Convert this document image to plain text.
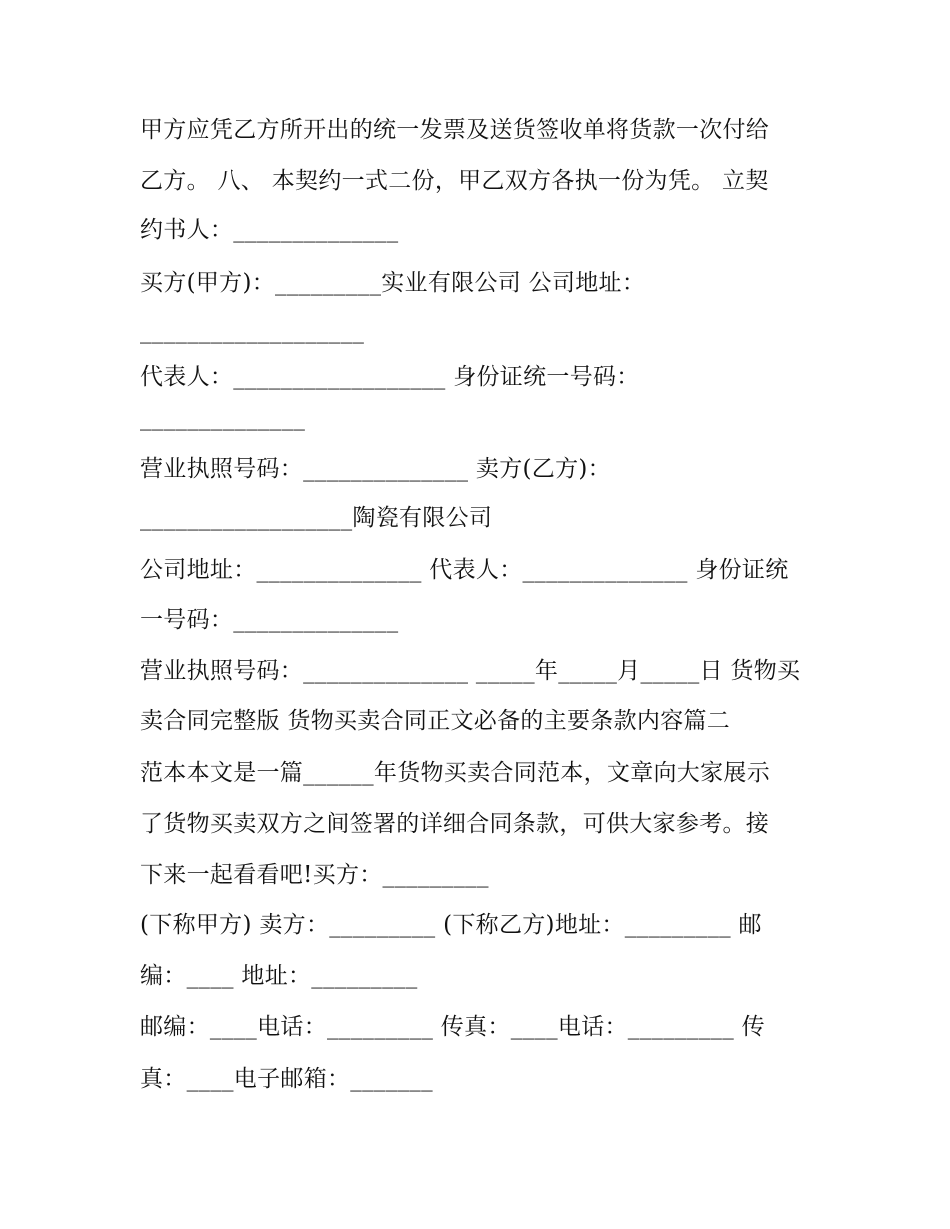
甲方应凭乙方所开出的统一发票及送货签收单将货款一次付给
乙方。 八、 本契约一式二份，甲乙双方各执一份为凭。 立契
约书人：______________
买方(甲方)：_________实业有限公司 公司地址：
___________________
代表人：__________________ 身份证统一号码：
______________
营业执照号码：______________ 卖方(乙方)：
__________________陶瓷有限公司
公司地址：______________ 代表人：______________ 身份证统
一号码：______________
营业执照号码：______________ _____年_____月_____日 货物买
卖合同完整版 货物买卖合同正文必备的主要条款内容篇二
范本本文是一篇______年货物买卖合同范本，文章向大家展示
了货物买卖双方之间签署的详细合同条款，可供大家参考。接
下来一起看看吧!买方：_________
(下称甲方) 卖方：_________ (下称乙方)地址：_________ 邮
编：____ 地址：_________
邮编：____电话：_________ 传真：____电话：_________ 传
真：____电子邮箱：_______
